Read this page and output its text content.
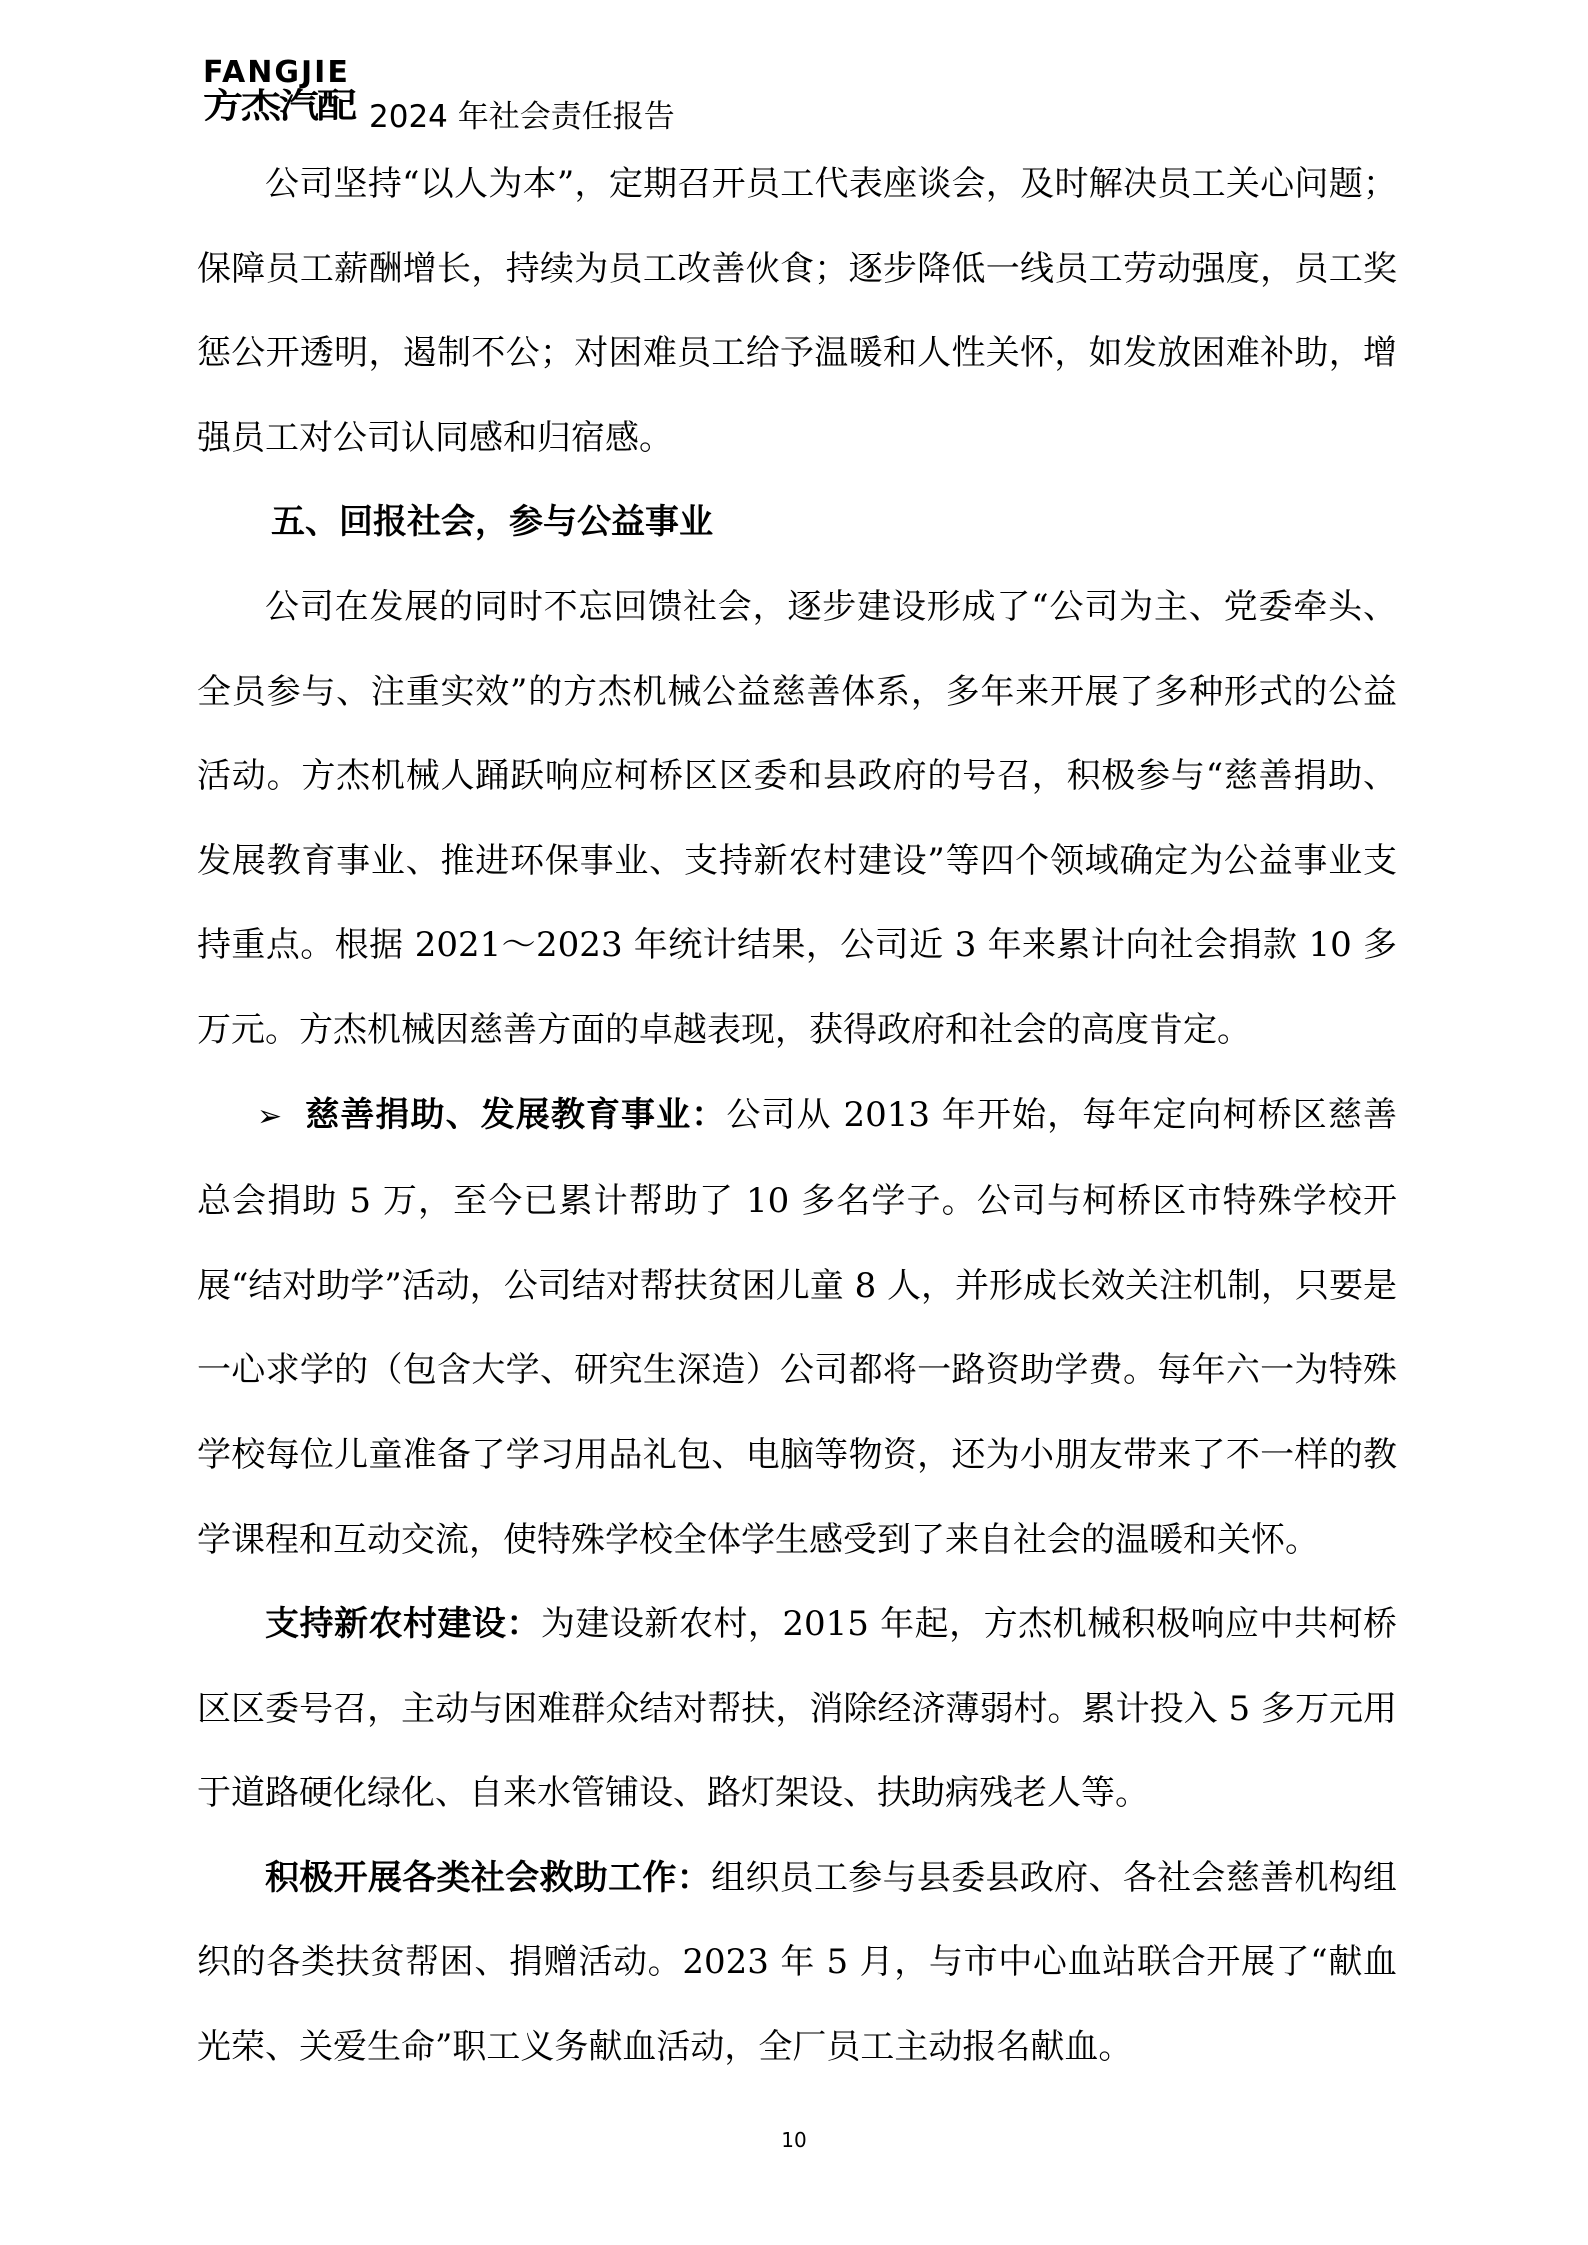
FANGJIE
方杰汽配 2024 年社会责任报告

公司坚持“以人为本”，定期召开员工代表座谈会，及时解决员工关心问题；保障员工薪酬增长，持续为员工改善伙食；逐步降低一线员工劳动强度，员工奖惩公开透明，遏制不公；对困难员工给予温暖和人性关怀，如发放困难补助，增强员工对公司认同感和归宿感。

五、回报社会，参与公益事业

公司在发展的同时不忘回馈社会，逐步建设形成了“公司为主、党委牵头、全员参与、注重实效”的方杰机械公益慈善体系，多年来开展了多种形式的公益活动。方杰机械人踊跃响应柯桥区区委和县政府的号召，积极参与“慈善捐助、发展教育事业、推进环保事业、支持新农村建设”等四个领域确定为公益事业支持重点。根据 2021～2023 年统计结果，公司近 3 年来累计向社会捐款 10 多万元。方杰机械因慈善方面的卓越表现，获得政府和社会的高度肯定。

➢ 慈善捐助、发展教育事业：公司从 2013 年开始，每年定向柯桥区慈善总会捐助 5 万，至今已累计帮助了 10 多名学子。公司与柯桥区市特殊学校开展“结对助学”活动，公司结对帮扶贫困儿童 8 人，并形成长效关注机制，只要是一心求学的（包含大学、研究生深造）公司都将一路资助学费。每年六一为特殊学校每位儿童准备了学习用品礼包、电脑等物资，还为小朋友带来了不一样的教学课程和互动交流，使特殊学校全体学生感受到了来自社会的温暖和关怀。

支持新农村建设：为建设新农村，2015 年起，方杰机械积极响应中共柯桥区区委号召，主动与困难群众结对帮扶，消除经济薄弱村。累计投入 5 多万元用于道路硬化绿化、自来水管铺设、路灯架设、扶助病残老人等。

积极开展各类社会救助工作：组织员工参与县委县政府、各社会慈善机构组织的各类扶贫帮困、捐赠活动。2023 年 5 月，与市中心血站联合开展了“献血光荣、关爱生命”职工义务献血活动，全厂员工主动报名献血。

10
